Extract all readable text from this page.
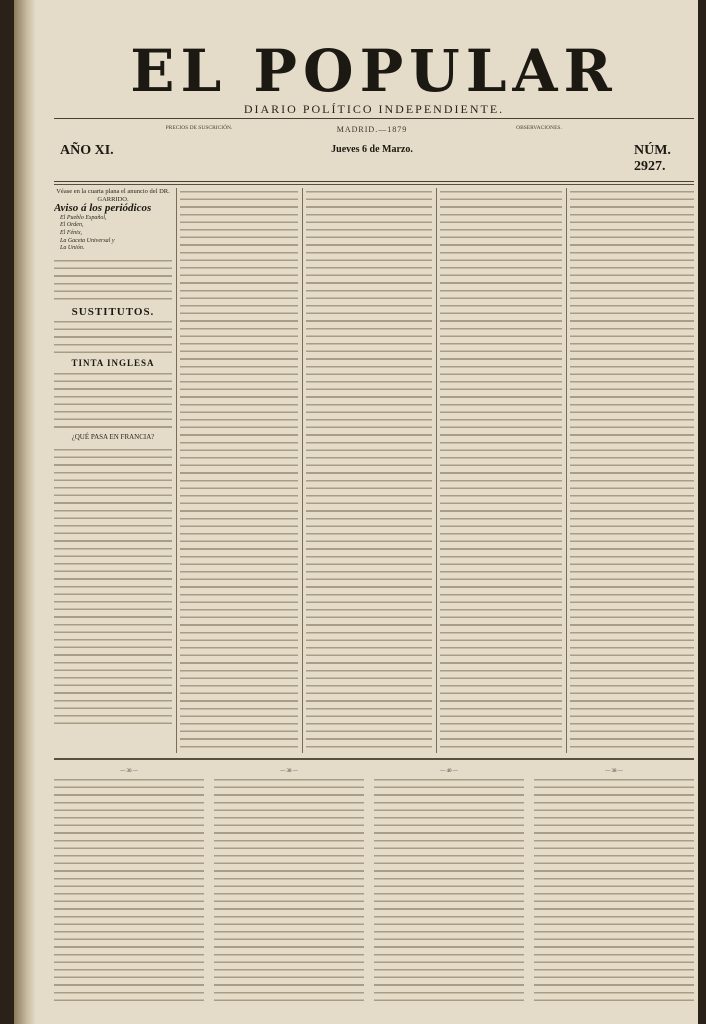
EL POPULAR
DIARIO POLÍTICO INDEPENDIENTE.
AÑO XI.
PRECIOS DE SUSCRICIÓN.	MADRID.—1879
Jueves 6 de Marzo.
OBSERVACIONES.
NÚM. 2927.
Véase en la cuarta plana el anuncio del DR. GARRIDO.
Aviso á los periódicos
El Pueblo Español,
El Orden,
El Fénix,
La Gaceta Universal y
La Unión.
SUSTITUTOS.
TINTA INGLESA
¿QUÉ PASA EN FRANCIA?
— 36 —	— 38 —	— 40 —	— 38 —
